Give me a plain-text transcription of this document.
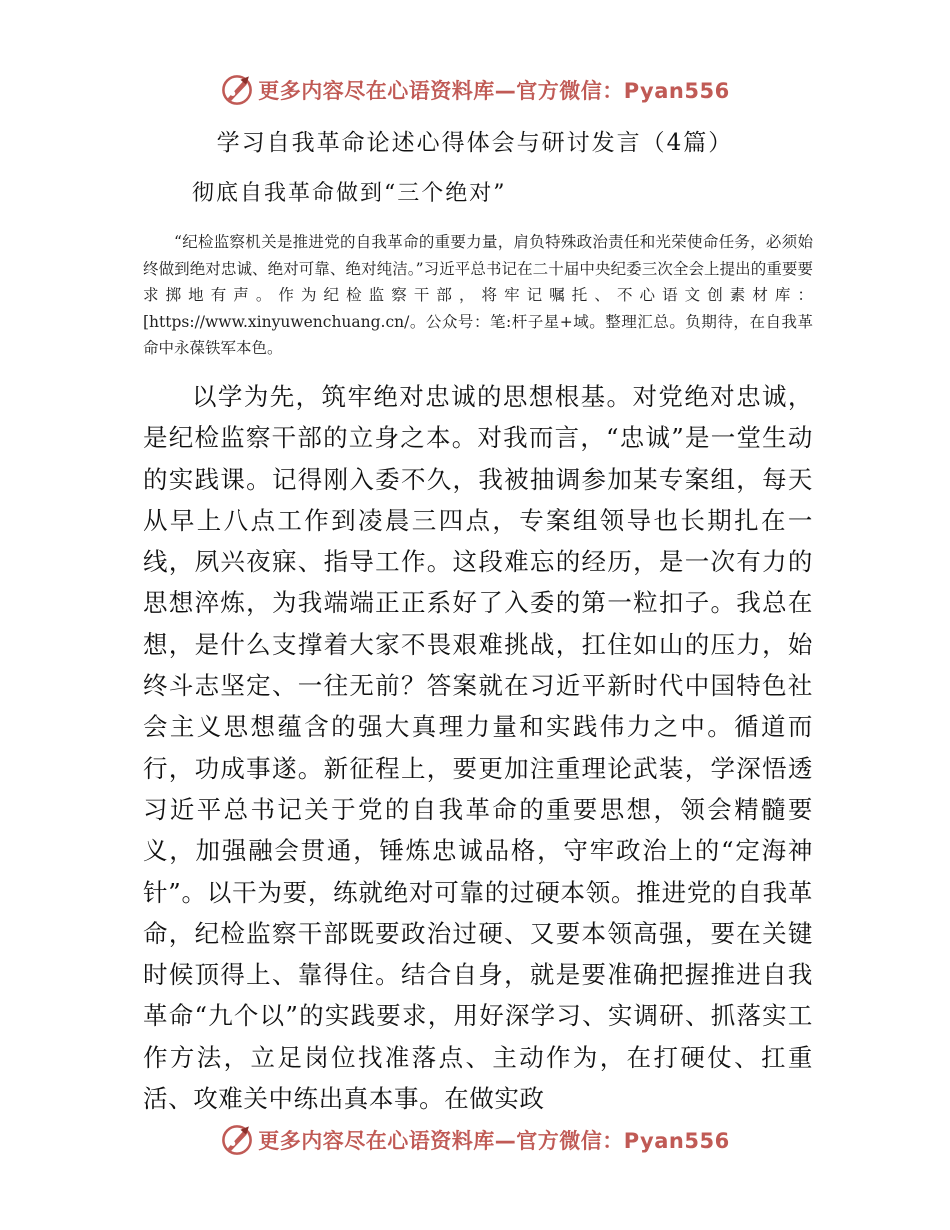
更多内容尽在心语资料库—官方微信：Pyan556
学习自我革命论述心得体会与研讨发言（4篇）
彻底自我革命做到“三个绝对”

“纪检监察机关是推进党的自我革命的重要力量，肩负特殊政治责任和光荣使命任务，必须始终做到绝对忠诚、绝对可靠、绝对纯洁。”习近平总书记在二十届中央纪委三次全会上提出的重要要求掷地有声。作为纪检监察干部，将牢记嘱托、不心语文创素材库：[https://www.xinyuwenchuang.cn/。公众号：笔:杆子星+域。整理汇总。负期待，在自我革命中永葆铁军本色。

以学为先，筑牢绝对忠诚的思想根基。对党绝对忠诚，是纪检监察干部的立身之本。对我而言，“忠诚”是一堂生动的实践课。记得刚入委不久，我被抽调参加某专案组，每天从早上八点工作到凌晨三四点，专案组领导也长期扎在一线，夙兴夜寐、指导工作。这段难忘的经历，是一次有力的思想淬炼，为我端端正正系好了入委的第一粒扣子。我总在想，是什么支撑着大家不畏艰难挑战，扛住如山的压力，始终斗志坚定、一往无前？答案就在习近平新时代中国特色社会主义思想蕴含的强大真理力量和实践伟力之中。循道而行，功成事遂。新征程上，要更加注重理论武装，学深悟透习近平总书记关于党的自我革命的重要思想，领会精髓要义，加强融会贯通，锤炼忠诚品格，守牢政治上的“定海神针”。以干为要，练就绝对可靠的过硬本领。推进党的自我革命，纪检监察干部既要政治过硬、又要本领高强，要在关键时候顶得上、靠得住。结合自身，就是要准确把握推进自我革命“九个以”的实践要求，用好深学习、实调研、抓落实工作方法，立足岗位找准落点、主动作为，在打硬仗、扛重活、攻难关中练出真本事。在做实政

更多内容尽在心语资料库—官方微信：Pyan556
